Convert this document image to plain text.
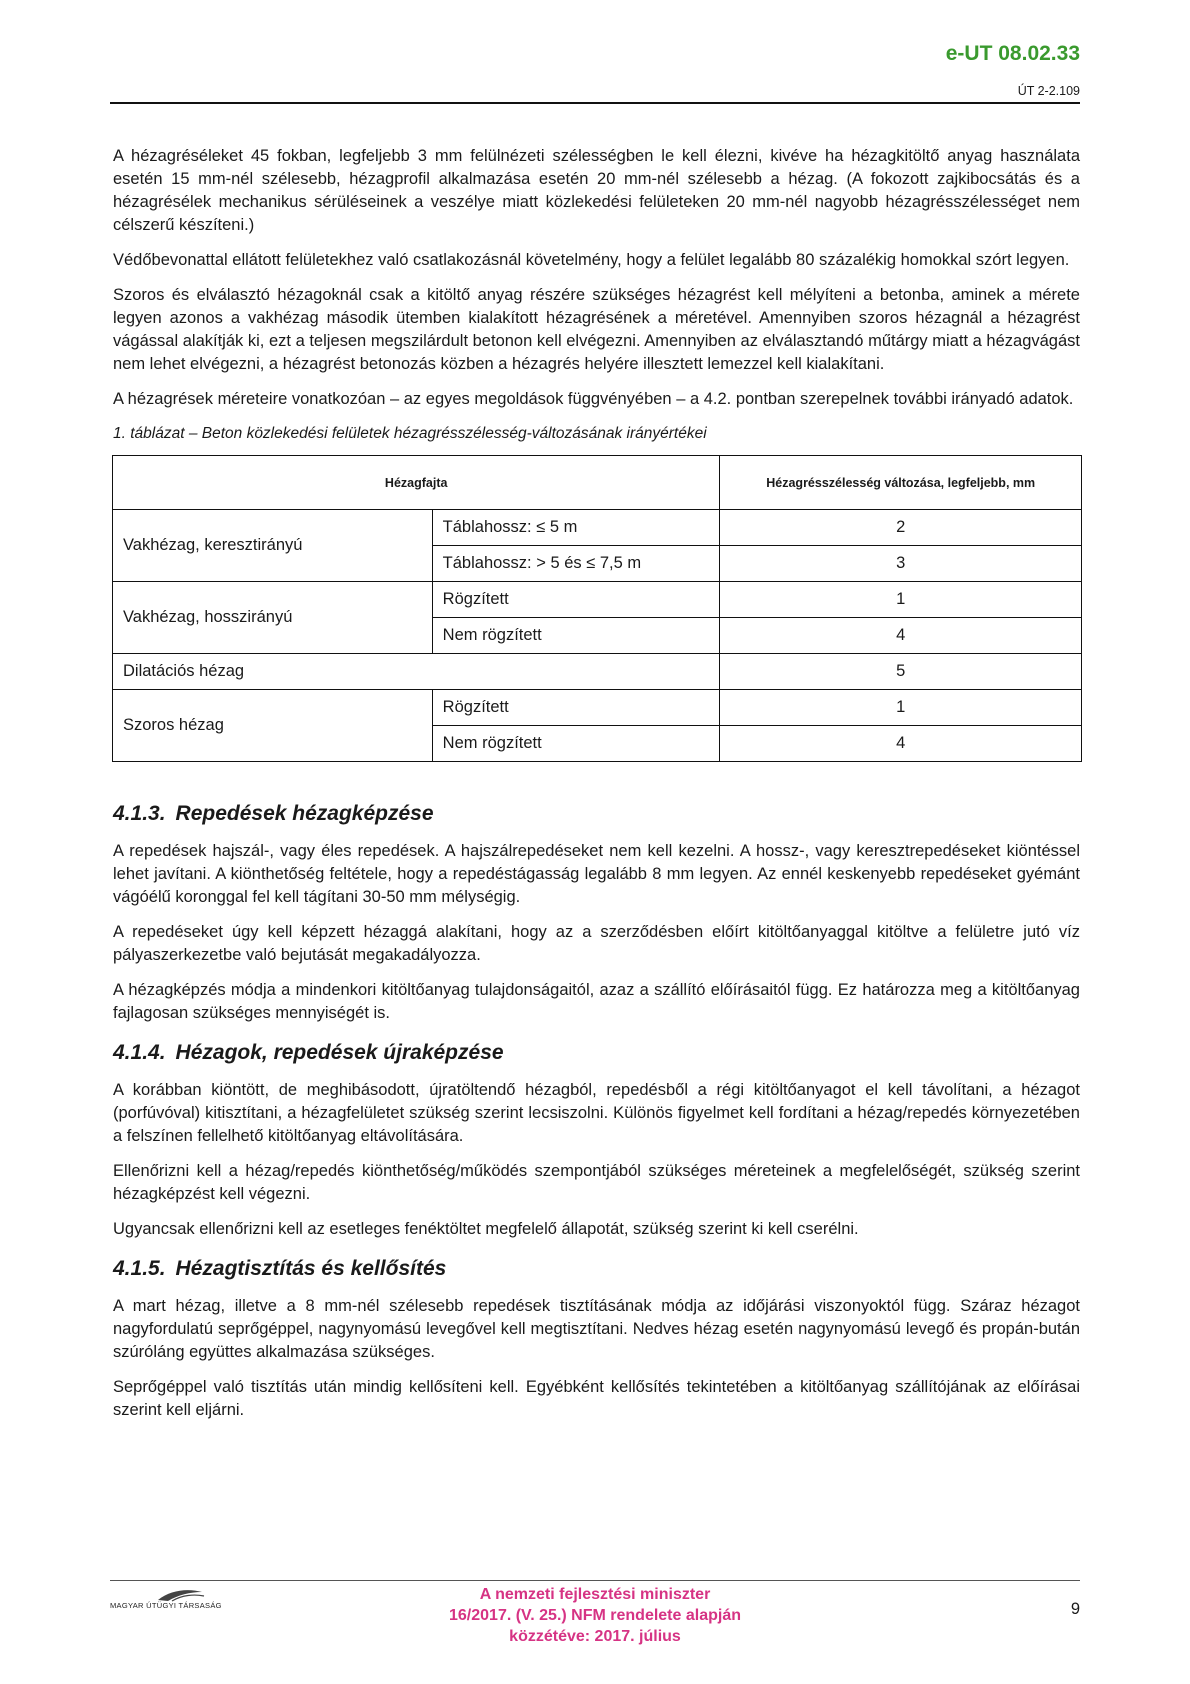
e-UT 08.02.33
ÚT 2-2.109

A hézagréséleket 45 fokban, legfeljebb 3 mm felülnézeti szélességben le kell élezni, kivéve ha hézagkitöltő anyag használata esetén 15 mm-nél szélesebb, hézagprofil alkalmazása esetén 20 mm-nél szélesebb a hézag. (A fokozott zajkibocsátás és a hézagrésélek mechanikus sérüléseinek a veszélye miatt közlekedési felületeken 20 mm-nél nagyobb hézagrésszélességet nem célszerű készíteni.)

Védőbevonattal ellátott felületekhez való csatlakozásnál követelmény, hogy a felület legalább 80 százalékig homokkal szórt legyen.

Szoros és elválasztó hézagoknál csak a kitöltő anyag részére szükséges hézagrést kell mélyíteni a betonba, aminek a mérete legyen azonos a vakhézag második ütemben kialakított hézagrésének a méretével. Amennyiben szoros hézagnál a hézagrést vágással alakítják ki, ezt a teljesen megszilárdult betonon kell elvégezni. Amennyiben az elválasztandó műtárgy miatt a hézagvágást nem lehet elvégezni, a hézagrést betonozás közben a hézagrés helyére illesztett lemezzel kell kialakítani.

A hézagrések méreteire vonatkozóan – az egyes megoldások függvényében – a 4.2. pontban szerepelnek további irányadó adatok.

1. táblázat – Beton közlekedési felületek hézagrésszélesség-változásának irányértékei

Hézagfajta		Hézagrésszélesség változása, legfeljebb, mm
Vakhézag, keresztirányú	Táblahossz: ≤ 5 m	2
	Táblahossz: > 5 és ≤ 7,5 m	3
Vakhézag, hosszirányú	Rögzített	1
	Nem rögzített	4
Dilatációs hézag		5
Szoros hézag	Rögzített	1
	Nem rögzített	4
4.1.3. Repedések hézagképzése

A repedések hajszál-, vagy éles repedések. A hajszálrepedéseket nem kell kezelni. A hossz-, vagy keresztrepedéseket kiöntéssel lehet javítani. A kiönthetőség feltétele, hogy a repedéstágasság legalább 8 mm legyen. Az ennél keskenyebb repedéseket gyémánt vágóélű koronggal fel kell tágítani 30-50 mm mélységig.

A repedéseket úgy kell képzett hézaggá alakítani, hogy az a szerződésben előírt kitöltőanyaggal kitöltve a felületre jutó víz pályaszerkezetbe való bejutását megakadályozza.

A hézagképzés módja a mindenkori kitöltőanyag tulajdonságaitól, azaz a szállító előírásaitól függ. Ez határozza meg a kitöltőanyag fajlagosan szükséges mennyiségét is.

4.1.4. Hézagok, repedések újraképzése

A korábban kiöntött, de meghibásodott, újratöltendő hézagból, repedésből a régi kitöltőanyagot el kell távolítani, a hézagot (porfúvóval) kitisztítani, a hézagfelületet szükség szerint lecsiszolni. Különös figyelmet kell fordítani a hézag/repedés környezetében a felszínen fellelhető kitöltőanyag eltávolítására.

Ellenőrizni kell a hézag/repedés kiönthetőség/működés szempontjából szükséges méreteinek a megfelelőségét, szükség szerint hézagképzést kell végezni.

Ugyancsak ellenőrizni kell az esetleges fenéktöltet megfelelő állapotát, szükség szerint ki kell cserélni.

4.1.5. Hézagtisztítás és kellősítés

A mart hézag, illetve a 8 mm-nél szélesebb repedések tisztításának módja az időjárási viszonyoktól függ. Száraz hézagot nagyfordulatú seprőgéppel, nagynyomású levegővel kell megtisztítani. Nedves hézag esetén nagynyomású levegő és propán-bután szúróláng együttes alkalmazása szükséges.

Seprőgéppel való tisztítás után mindig kellősíteni kell. Egyébként kellősítés tekintetében a kitöltőanyag szállítójának az előírásai szerint kell eljárni.

MAGYAR ÚTÜGYI TÁRSASÁG
A nemzeti fejlesztési miniszter
16/2017. (V. 25.) NFM rendelete alapján
közzétéve: 2017. július
9
